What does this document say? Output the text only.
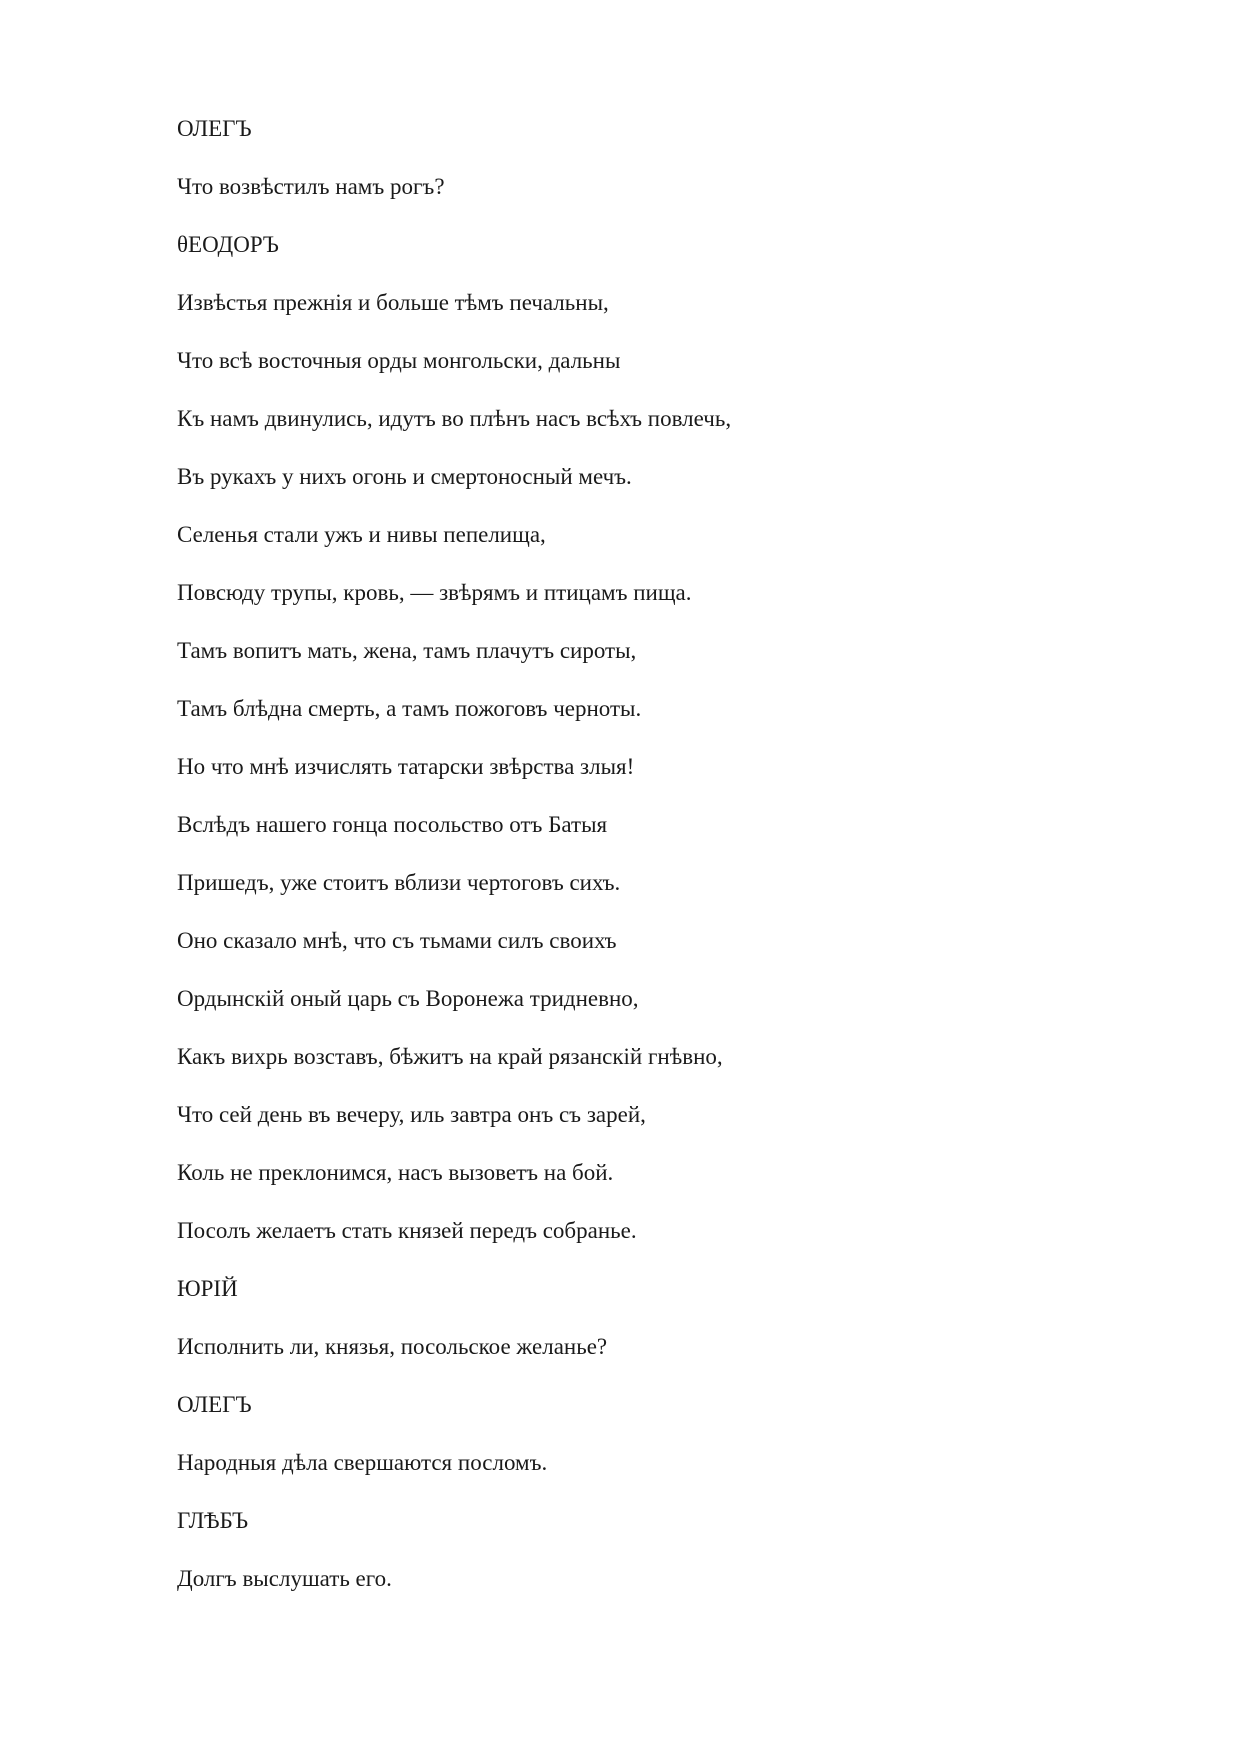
ОЛЕГЪ
Что возвѣстилъ намъ рогъ?
θЕОДОРЪ
Извѣстья прежнія и больше тѣмъ печальны,
Что всѣ восточныя орды монгольски, дальны
Къ намъ двинулись, идутъ во плѣнъ насъ всѣхъ повлечь,
Въ рукахъ у нихъ огонь и смертоносный мечъ.
Селенья стали ужъ и нивы пепелища,
Повсюду трупы, кровь, — звѣрямъ и птицамъ пища.
Тамъ вопитъ мать, жена, тамъ плачутъ сироты,
Тамъ блѣдна смерть, а тамъ пожоговъ черноты.
Но что мнѣ изчислять татарски звѣрства злыя!
Вслѣдъ нашего гонца посольство отъ Батыя
Пришедъ, уже стоитъ вблизи чертоговъ сихъ.
Оно сказало мнѣ, что съ тьмами силъ своихъ
Ордынскій оный царь съ Воронежа тридневно,
Какъ вихрь возставъ, бѣжитъ на край рязанскій гнѣвно,
Что сей день въ вечеру, иль завтра онъ съ зарей,
Коль не преклонимся, насъ вызоветъ на бой.
Посолъ желаетъ стать князей передъ собранье.
ЮРІЙ
Исполнить ли, князья, посольское желанье?
ОЛЕГЪ
Народныя дѣла свершаются посломъ.
ГЛѢБЪ
Долгъ выслушать его.
